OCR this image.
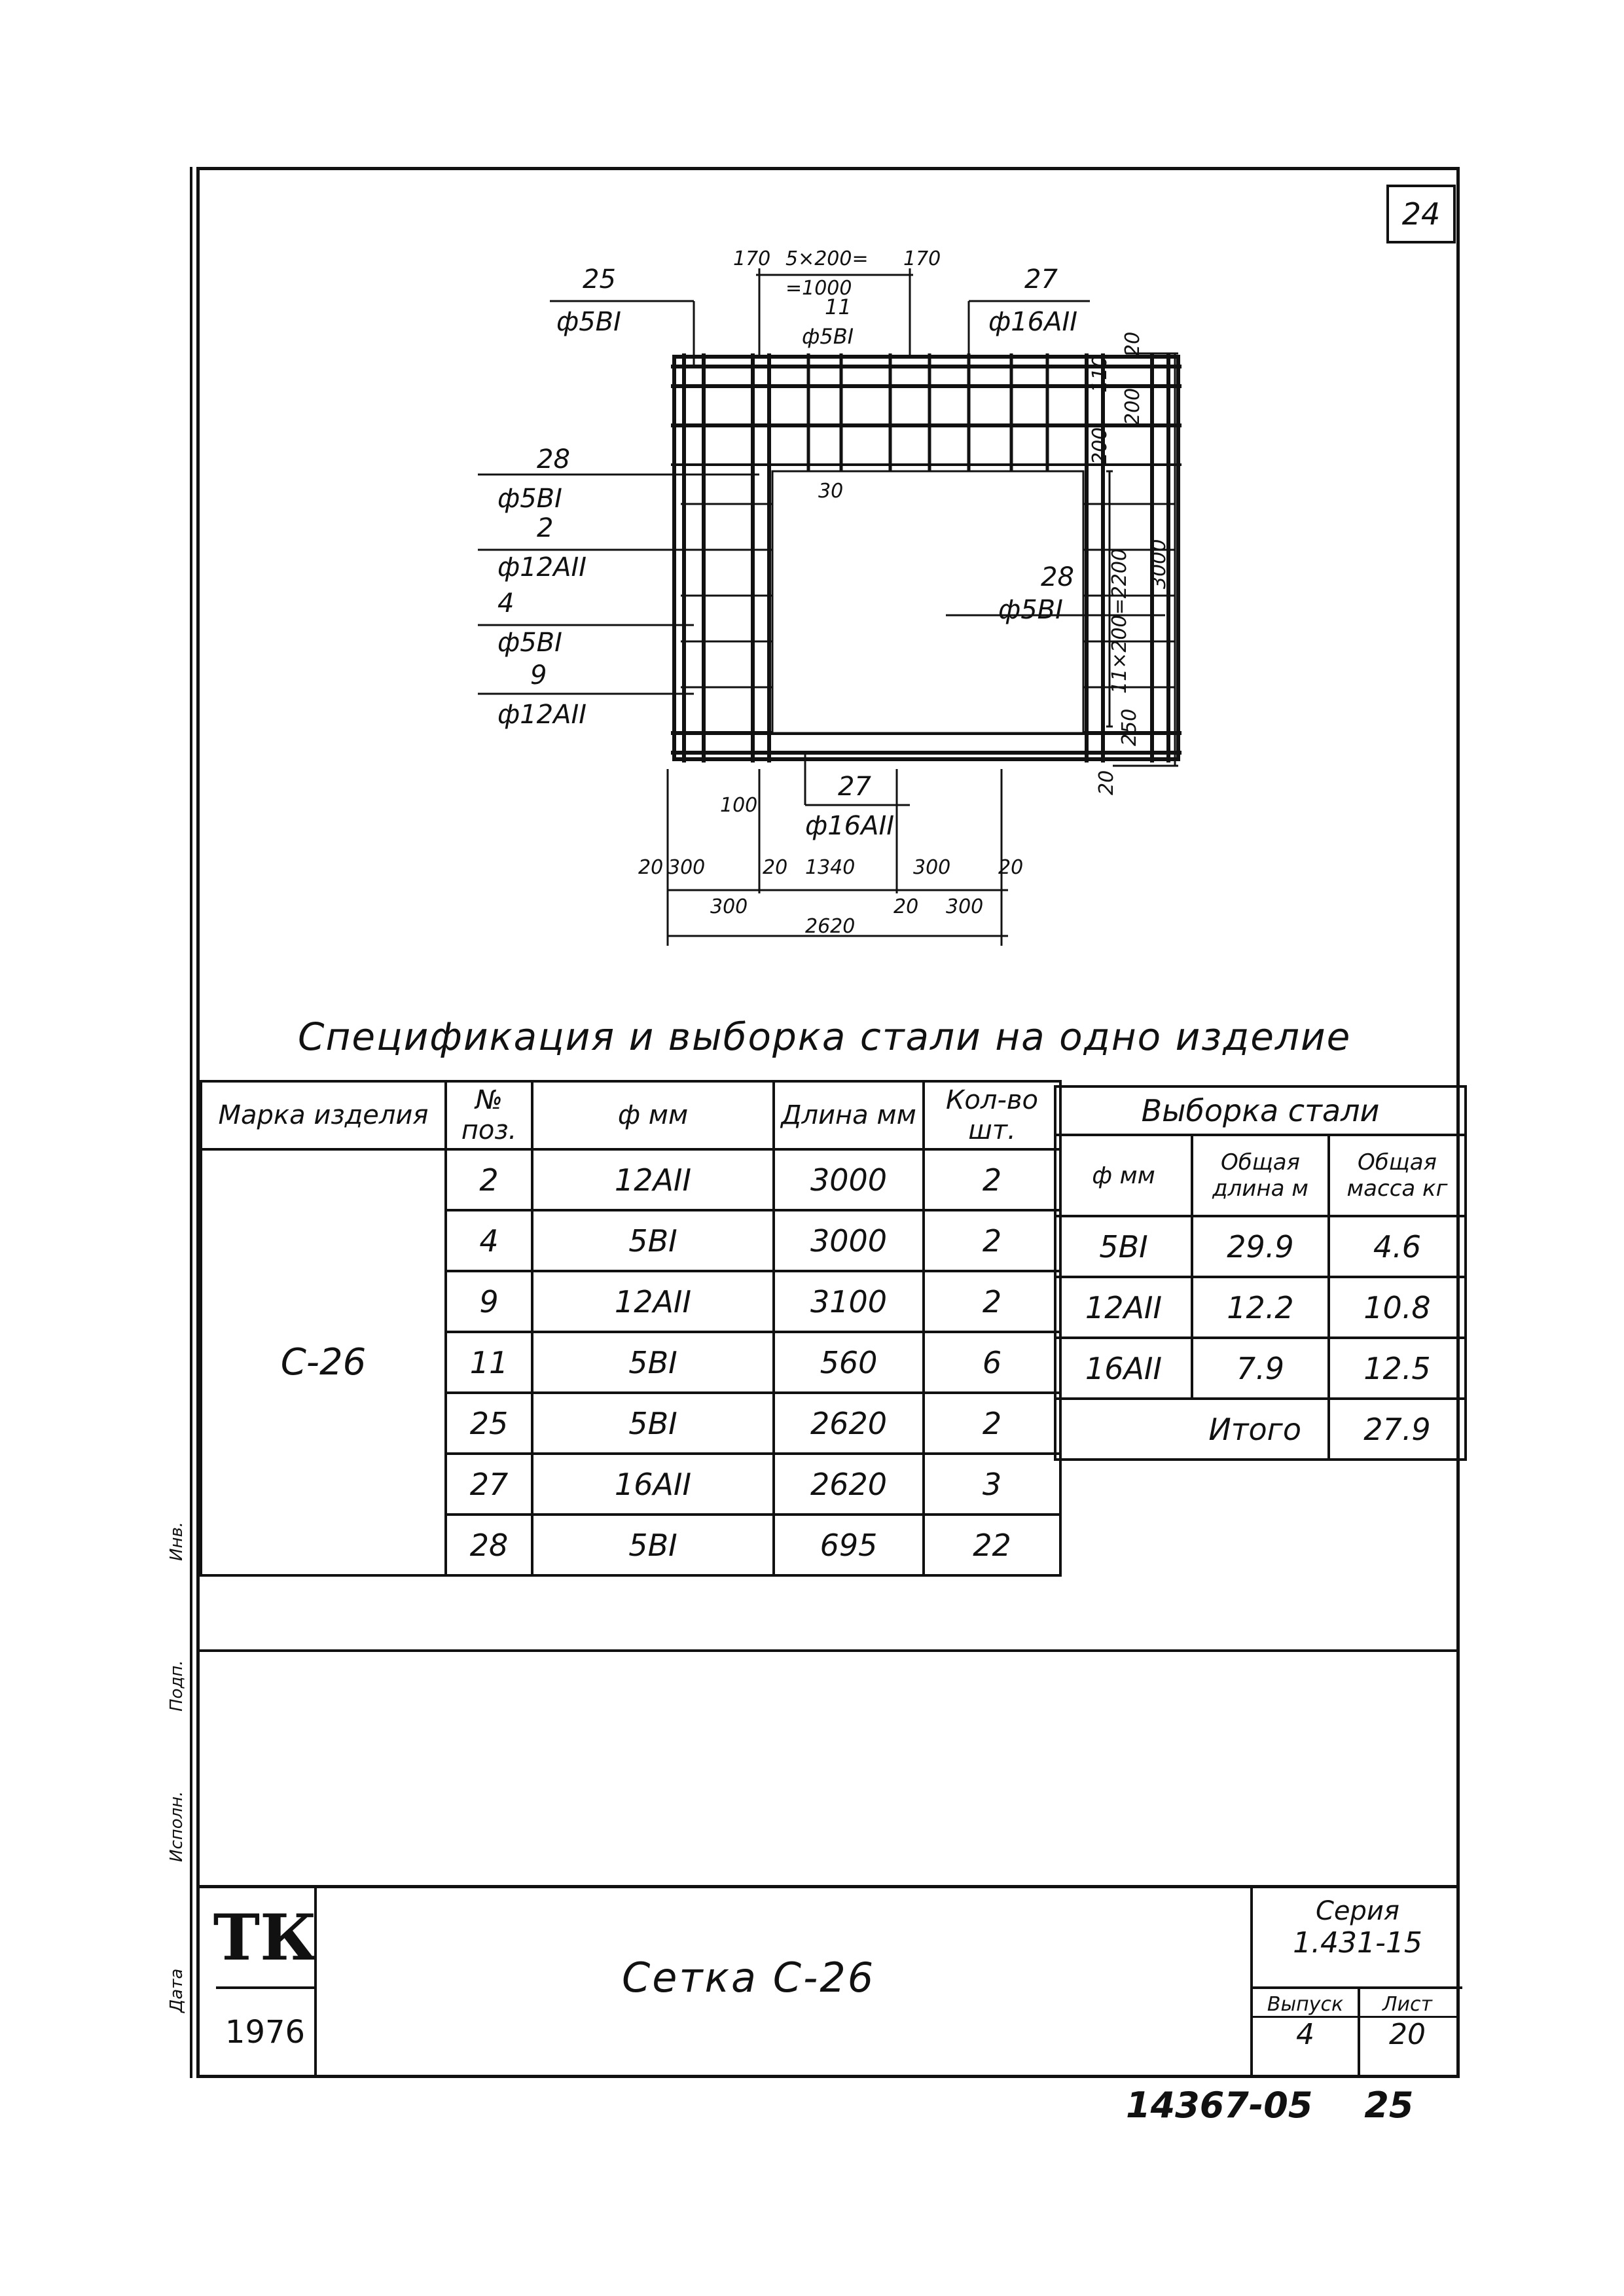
Инв.
Подп.
Исполн.
Дата
24
25
ф5ВI
27
ф16АII
11
ф5ВI
28
ф5ВI
2
ф12АII
4
ф5ВI
9
ф12АII
28
ф5ВI
27
ф16АII
170 5×200=
=1000
170
30
100
20 300
300
20 1340
20
300
300
20
2620
20
110
200
200
11×200=2200 3000
250
20
Спецификация и выборка стали на одно изделие
Марка изделия	№ поз.	ф мм	Длина мм	Кол-во шт.
С-26	2	12АII	3000	2
	4	5ВI	3000	2
	9	12АII	3100	2
	11	5ВI	560	6
	25	5ВI	2620	2
	27	16АII	2620	3
	28	5ВI	695	22
Выборка стали		
ф мм	Общая длина м	Общая масса кг
5ВI	29.9	4.6
12АII	12.2	10.8
16АII	7.9	12.5
Итого		27.9
ТК
1976
Сетка С-26
Серия
1.431-15
Выпуск
4
Лист
20
14367-05 25
